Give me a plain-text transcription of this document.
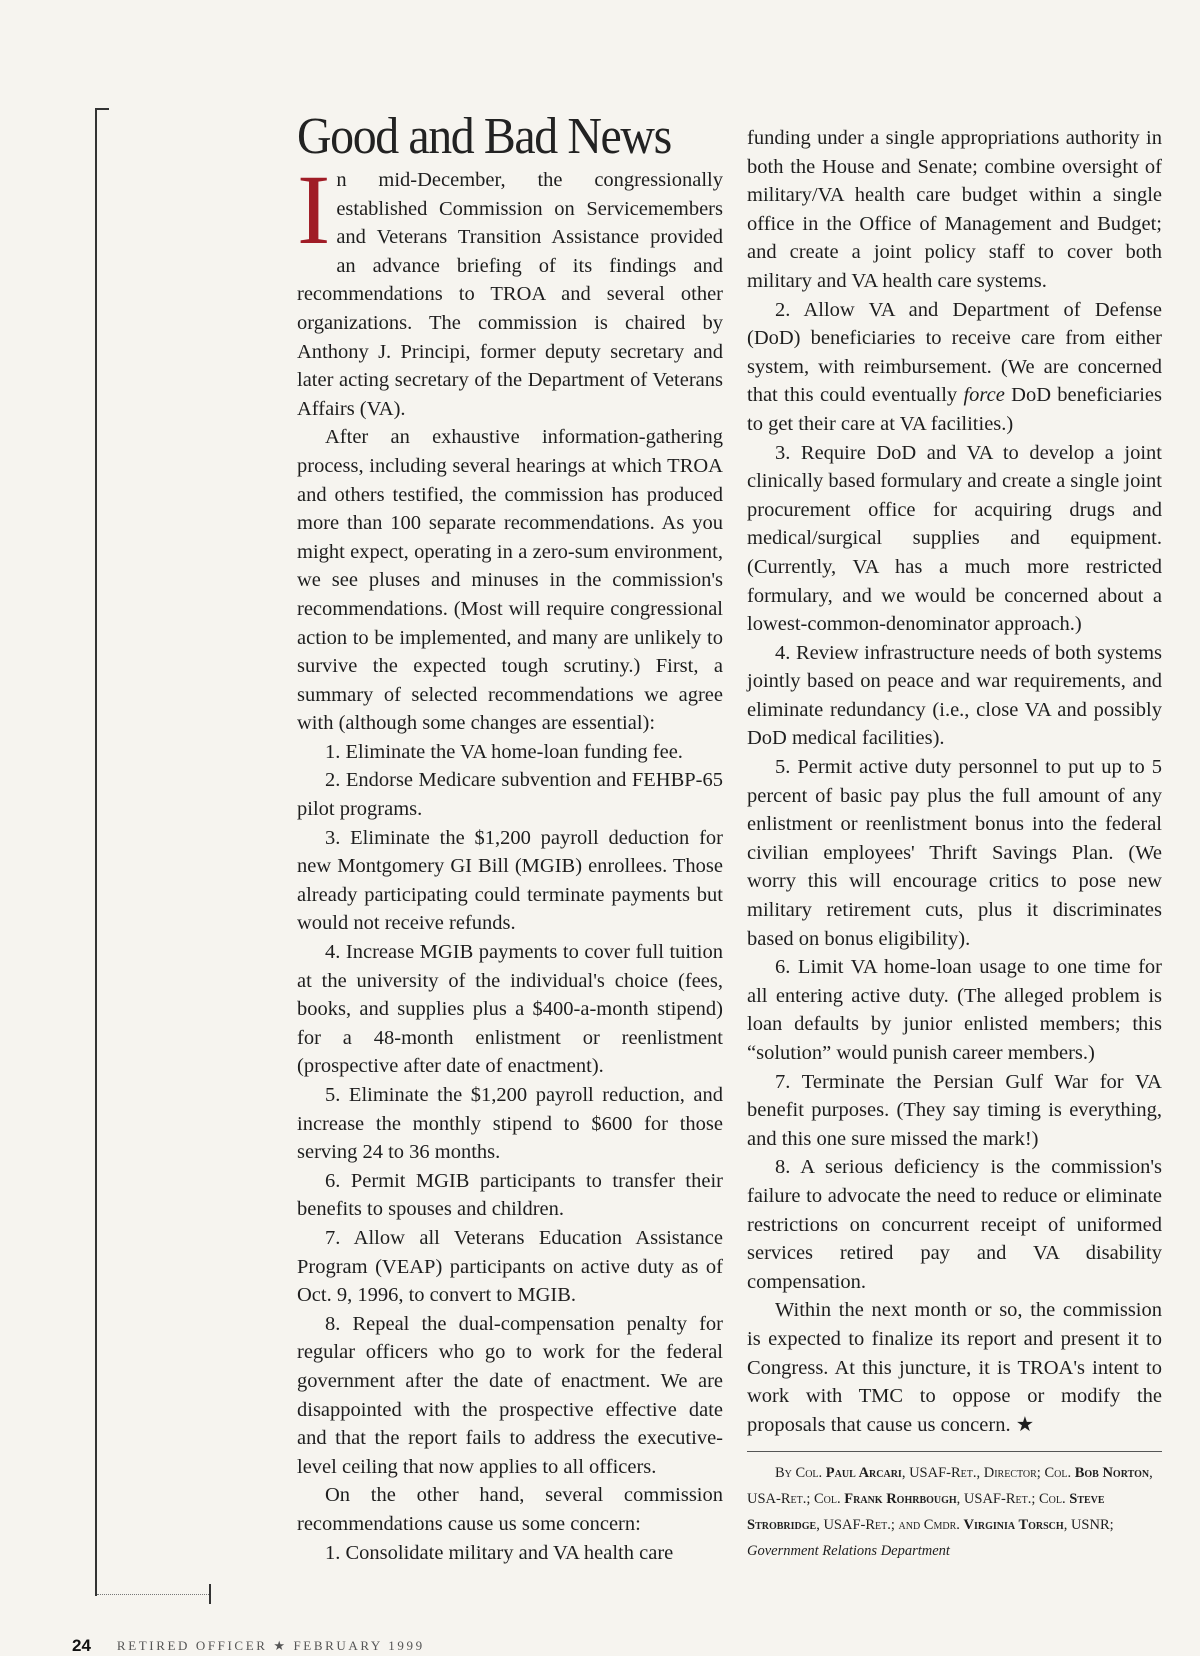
Good and Bad News

In mid-December, the congressionally established Commission on Servicemembers and Veterans Transition Assistance provided an advance briefing of its findings and recommendations to TROA and several other organizations. The commission is chaired by Anthony J. Principi, former deputy secretary and later acting secretary of the Department of Veterans Affairs (VA).

After an exhaustive information-gathering process, including several hearings at which TROA and others testified, the commission has produced more than 100 separate recommendations. As you might expect, operating in a zero-sum environment, we see pluses and minuses in the commission's recommendations. (Most will require congressional action to be implemented, and many are unlikely to survive the expected tough scrutiny.) First, a summary of selected recommendations we agree with (although some changes are essential):

1. Eliminate the VA home-loan funding fee.

2. Endorse Medicare subvention and FEHBP-65 pilot programs.

3. Eliminate the $1,200 payroll deduction for new Montgomery GI Bill (MGIB) enrollees. Those already participating could terminate payments but would not receive refunds.

4. Increase MGIB payments to cover full tuition at the university of the individual's choice (fees, books, and supplies plus a $400-a-month stipend) for a 48-month enlistment or reenlistment (prospective after date of enactment).

5. Eliminate the $1,200 payroll reduction, and increase the monthly stipend to $600 for those serving 24 to 36 months.

6. Permit MGIB participants to transfer their benefits to spouses and children.

7. Allow all Veterans Education Assistance Program (VEAP) participants on active duty as of Oct. 9, 1996, to convert to MGIB.

8. Repeal the dual-compensation penalty for regular officers who go to work for the federal government after the date of enactment. We are disappointed with the prospective effective date and that the report fails to address the executive-level ceiling that now applies to all officers.

On the other hand, several commission recommendations cause us some concern:

1. Consolidate military and VA health care

funding under a single appropriations authority in both the House and Senate; combine oversight of military/VA health care budget within a single office in the Office of Management and Budget; and create a joint policy staff to cover both military and VA health care systems.

2. Allow VA and Department of Defense (DoD) beneficiaries to receive care from either system, with reimbursement. (We are concerned that this could eventually force DoD beneficiaries to get their care at VA facilities.)

3. Require DoD and VA to develop a joint clinically based formulary and create a single joint procurement office for acquiring drugs and medical/surgical supplies and equipment. (Currently, VA has a much more restricted formulary, and we would be concerned about a lowest-common-denominator approach.)

4. Review infrastructure needs of both systems jointly based on peace and war requirements, and eliminate redundancy (i.e., close VA and possibly DoD medical facilities).

5. Permit active duty personnel to put up to 5 percent of basic pay plus the full amount of any enlistment or reenlistment bonus into the federal civilian employees' Thrift Savings Plan. (We worry this will encourage critics to pose new military retirement cuts, plus it discriminates based on bonus eligibility).

6. Limit VA home-loan usage to one time for all entering active duty. (The alleged problem is loan defaults by junior enlisted members; this “solution” would punish career members.)

7. Terminate the Persian Gulf War for VA benefit purposes. (They say timing is everything, and this one sure missed the mark!)

8. A serious deficiency is the commission's failure to advocate the need to reduce or eliminate restrictions on concurrent receipt of uniformed services retired pay and VA disability compensation.

Within the next month or so, the commission is expected to finalize its report and present it to Congress. At this juncture, it is TROA's intent to work with TMC to oppose or modify the proposals that cause us concern. ★

By Col. Paul Arcari, USAF-Ret., Director; Col. Bob Norton, USA-Ret.; Col. Frank Rohrbough, USAF-Ret.; Col. Steve Strobridge, USAF-Ret.; and Cmdr. Virginia Torsch, USNR; Government Relations Department

24 RETIRED OFFICER ★ FEBRUARY 1999
